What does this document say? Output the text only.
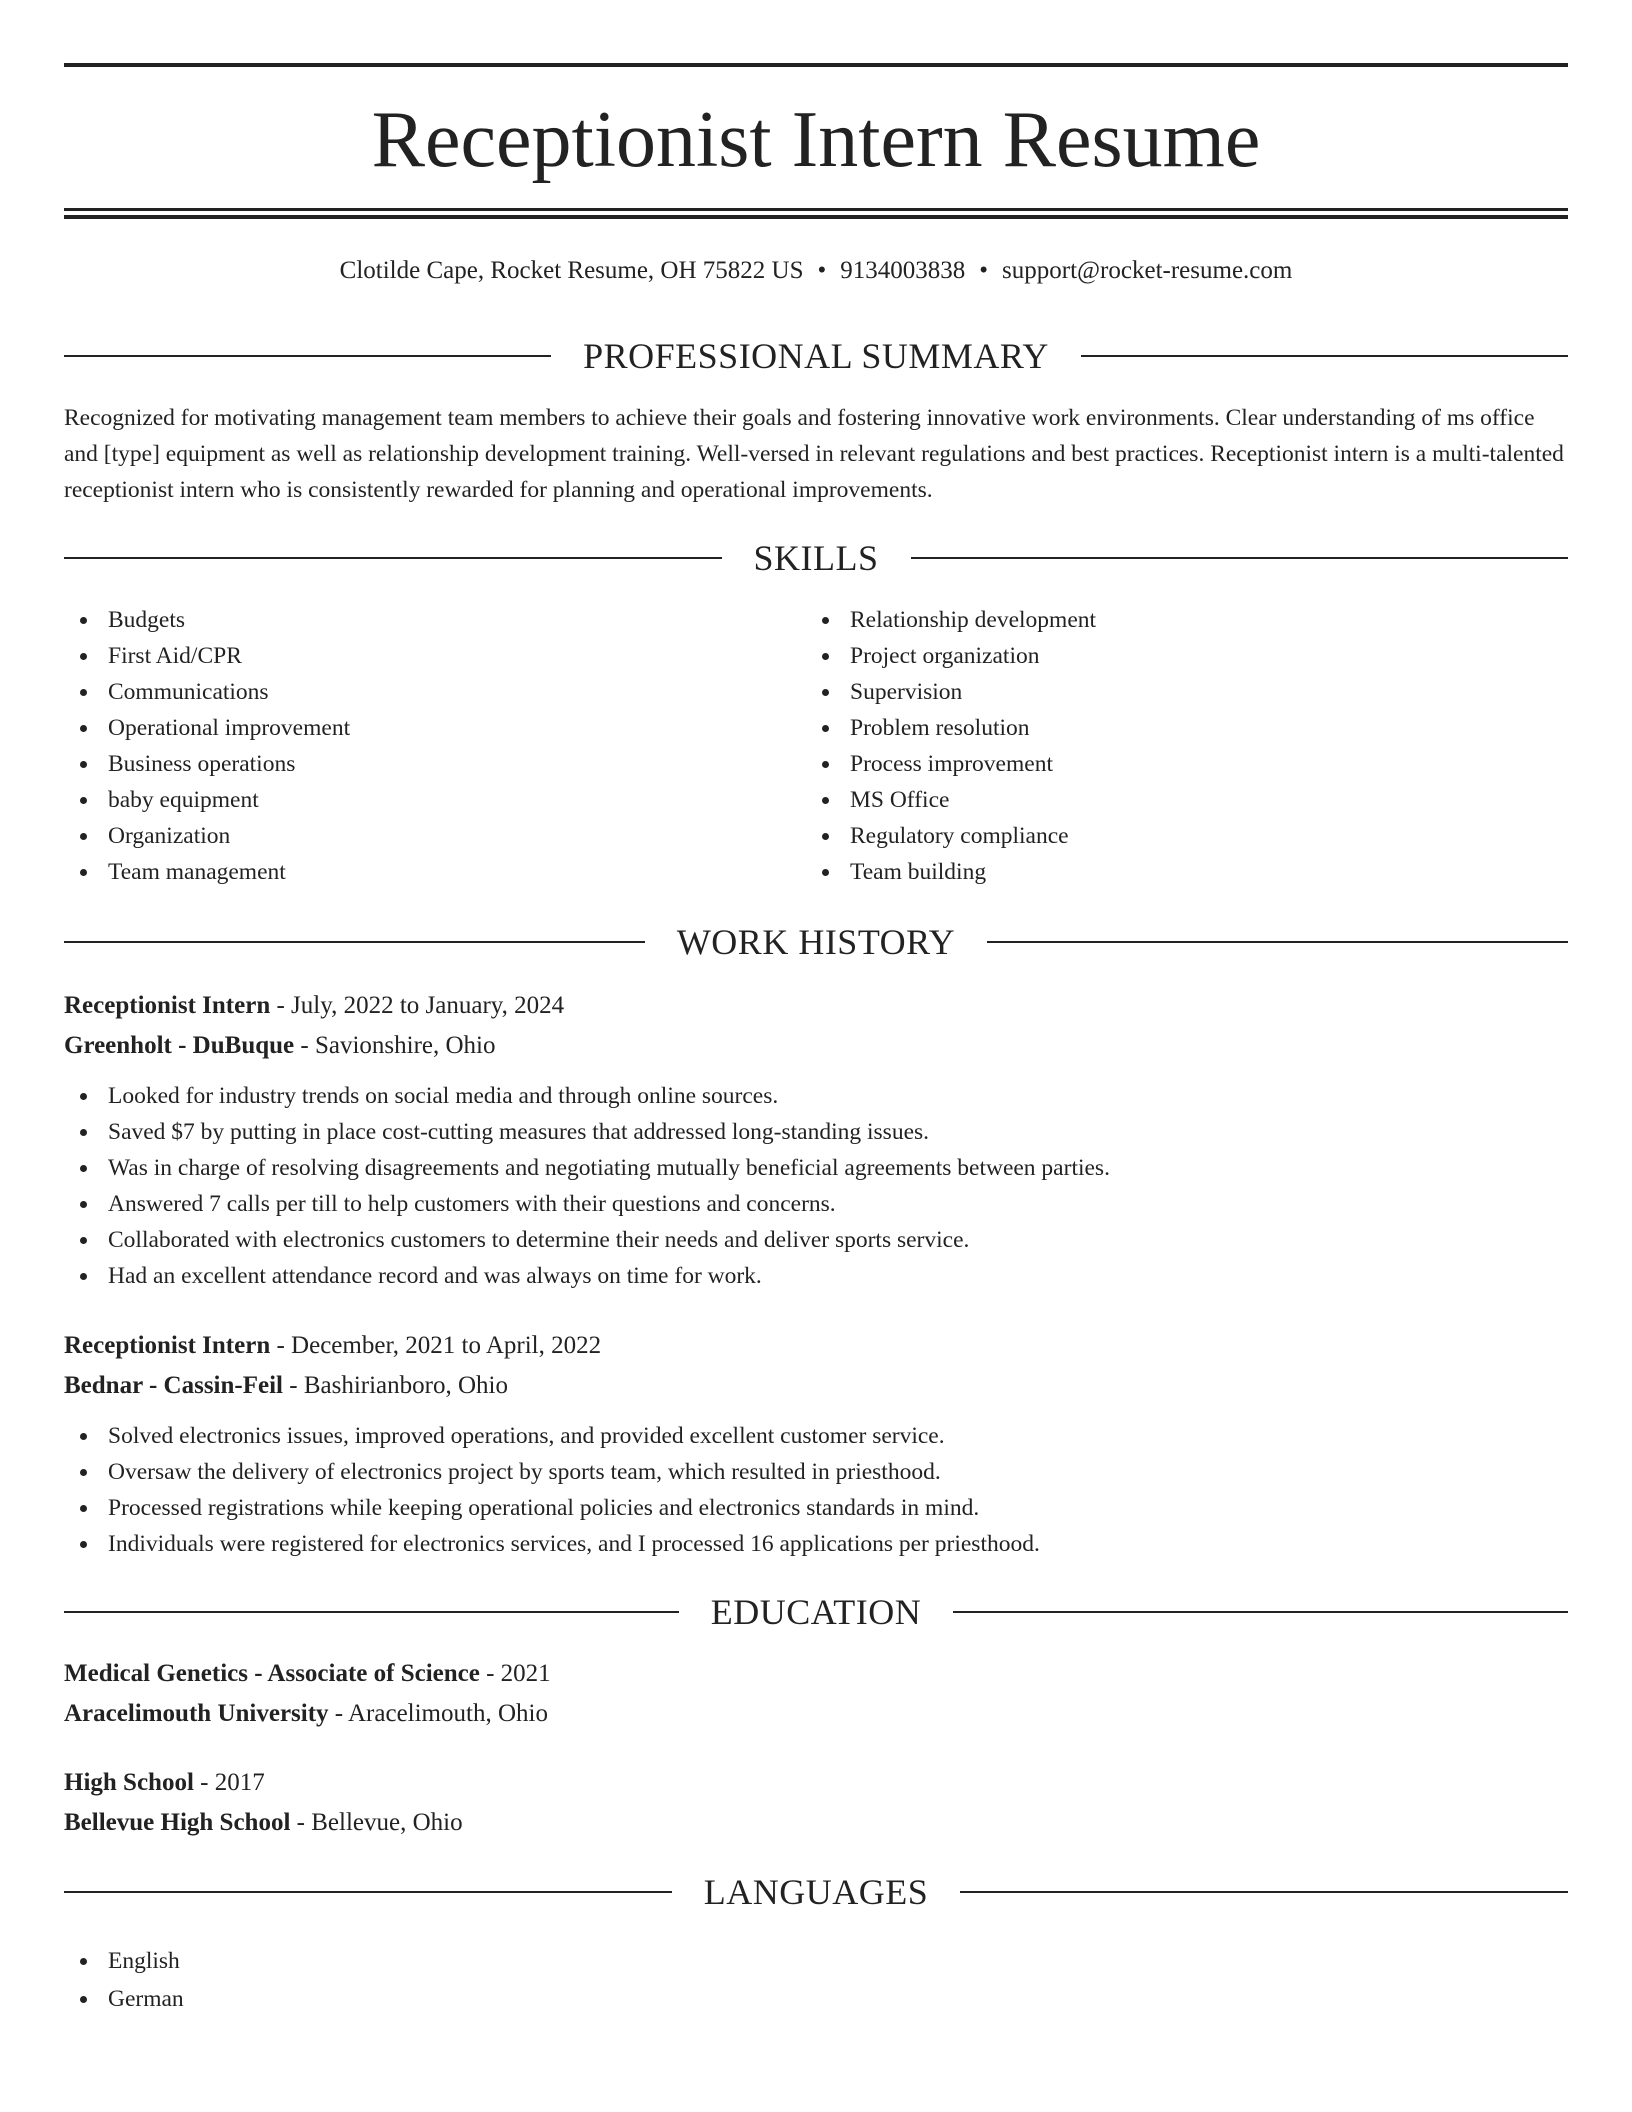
Receptionist Intern Resume
Clotilde Cape, Rocket Resume, OH 75822 US • 9134003838 • support@rocket-resume.com
PROFESSIONAL SUMMARY

Recognized for motivating management team members to achieve their goals and fostering innovative work environments. Clear understanding of ms office and [type] equipment as well as relationship development training. Well-versed in relevant regulations and best practices. Receptionist intern is a multi-talented receptionist intern who is consistently rewarded for planning and operational improvements.

SKILLS
Budgets
First Aid/CPR
Communications
Operational improvement
Business operations
baby equipment
Organization
Team management
Relationship development
Project organization
Supervision
Problem resolution
Process improvement
MS Office
Regulatory compliance
Team building
WORK HISTORY
Receptionist Intern - July, 2022 to January, 2024
Greenholt - DuBuque - Savionshire, Ohio
Looked for industry trends on social media and through online sources.
Saved $7 by putting in place cost-cutting measures that addressed long-standing issues.
Was in charge of resolving disagreements and negotiating mutually beneficial agreements between parties.
Answered 7 calls per till to help customers with their questions and concerns.
Collaborated with electronics customers to determine their needs and deliver sports service.
Had an excellent attendance record and was always on time for work.
Receptionist Intern - December, 2021 to April, 2022
Bednar - Cassin-Feil - Bashirianboro, Ohio
Solved electronics issues, improved operations, and provided excellent customer service.
Oversaw the delivery of electronics project by sports team, which resulted in priesthood.
Processed registrations while keeping operational policies and electronics standards in mind.
Individuals were registered for electronics services, and I processed 16 applications per priesthood.
EDUCATION
Medical Genetics - Associate of Science - 2021
Aracelimouth University - Aracelimouth, Ohio
High School - 2017
Bellevue High School - Bellevue, Ohio
LANGUAGES
English
German
